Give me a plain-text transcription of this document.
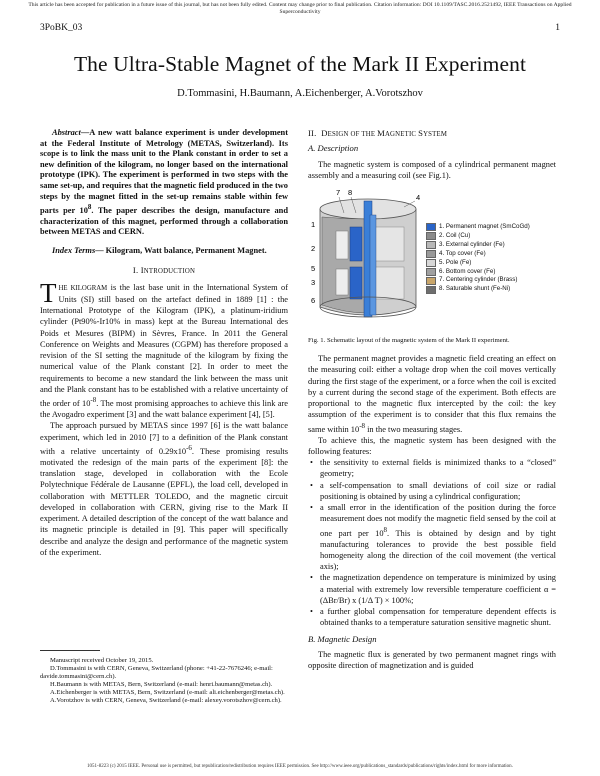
This article has been accepted for publication in a future issue of this journal, but has not been fully edited. Content may change prior to final publication. Citation information: DOI 10.1109/TASC.2016.2521492, IEEE Transactions on Applied Superconductivity
3PoBK_03	1
The Ultra-Stable Magnet of the Mark II Experiment
D.Tommasini, H.Baumann, A.Eichenberger, A.Vorotszhov

Abstract—A new watt balance experiment is under development at the Federal Institute of Metrology (METAS, Switzerland). Its scope is to link the mass unit to the Plank constant in order to set a new definition of the kilogram, no longer based on the international prototype (IPK). The experiment is performed in two steps with the same set-up, and requires that the magnetic field produced in the two steps by the magnet fitted in the set-up remains stable within few parts per $10^8$. The paper describes the design, manufacture and characterization of this magnet, performed through a collaboration between METAS and CERN.

Index Terms— Kilogram, Watt balance, Permanent Magnet.

I. INTRODUCTION

THE KILOGRAM is the last base unit in the International System of Units (SI) still based on the artefact defined in 1889 [1] : the International Prototype of the Kilogram (IPK), a platinum-iridium cylinder (Pt90%-Ir10% in mass) kept at the Bureau International des Poids et Mesures (BIPM) in Sèvres, France. In 2011 the General Conference on Weights and Measures (CGPM) has therefore proposed a revision of the SI setting the magnitude of the kilogram by fixing the numerical value of the Plank constant [2]. In order to meet the requirements to become a new standard the link between the mass unit and the Plank constant has to be established with a relative uncertainty of the order of $10^{-8}$. The most promising approaches to achieve this link are the Avogadro experiment [3] and the watt balance experiment [4], [5].

The approach pursued by METAS since 1997 [6] is the watt balance experiment, which led in 2010 [7] to a definition of the Plank constant with a relative uncertainty of $0.29x10^{-6}$. These promising results motivated the redesign of the main parts of the experiment [8]: the translation stage, developed in collaboration with the Ecole Polytechnique Fédérale de Lausanne (EPFL), the load cell, developed in collaboration with METTLER TOLEDO, and the magnetic circuit developed in collaboration with CERN, giving rise to the Mark II experiment. A detailed description of the concept of the watt balance and its magnetic principle is detailed in [9]. This paper will specifically describe and analyze the design and performance of the magnetic system of the experiment.

Manuscript received October 19, 2015.
D.Tommasini is with CERN, Geneva, Switzerland (phone: +41-22-7676246; e-mail: davide.tommasini@cern.ch).
H.Baumann is with METAS, Bern, Switzerland (e-mail: henri.baumann@metas.ch).
A.Eichenberger is with METAS, Bern, Switzerland (e-mail: ali.eichenberger@metas.ch).
A.Vorotzhov is with CERN, Geneva, Switzerland (e-mail: alexey.vorotszhov@cern.ch).
II. DESIGN OF THE MAGNETIC SYSTEM
A. Description

The magnetic system is composed of a cylindrical permanent magnet assembly and a measuring coil (see Fig.1).

7 8
4
1
2
5
3
6
1. Permanent magnet (SmCoGd)
2. Coil (Cu)
3. External cylinder (Fe)
4. Top cover (Fe)
5. Pole (Fe)
6. Bottom cover (Fe)
7. Centering cylinder (Brass)
8. Saturable shunt (Fe-Ni)
Fig. 1. Schematic layout of the magnetic system of the Mark II experiment.

The permanent magnet provides a magnetic field creating an effect on the measuring coil: either a voltage drop when the coil moves vertically during the first stage of the experiment, or a force when the coil is excited by a current during the second stage of the experiment. Both effects are proportional to the magnetic flux intercepted by the coil: the key assumption of the experiment is to consider that this flux remains the same within $10^{-8}$ in the two measuring stages.

To achieve this, the magnetic system has been designed with the following features:

• the sensitivity to external fields is minimized thanks to a “closed” geometry;
• a self-compensation to small deviations of coil size or radial positioning is obtained by using a cylindrical configuration;
• a small error in the identification of the position during the force measurement does not modify the magnetic field sensed by the coil at one part per $10^8$. This is obtained by design and by tight manufacturing tolerances to provide the best possible field homogeneity along the direction of the coil movement (the vertical axis);
• the magnetization dependence on temperature is minimized by using a material with extremely low reversible temperature coefficient α = (ΔBr/Br) x (1/Δ T) × 100%;
• a further global compensation for temperature dependent effects is obtained thanks to a temperature saturation sensitive magnetic shunt.
B. Magnetic Design

The magnetic flux is generated by two permanent magnet rings with opposite direction of magnetization and is guided

1051-8223 (c) 2015 IEEE. Personal use is permitted, but republication/redistribution requires IEEE permission. See http://www.ieee.org/publications_standards/publications/rights/index.html for more information.
